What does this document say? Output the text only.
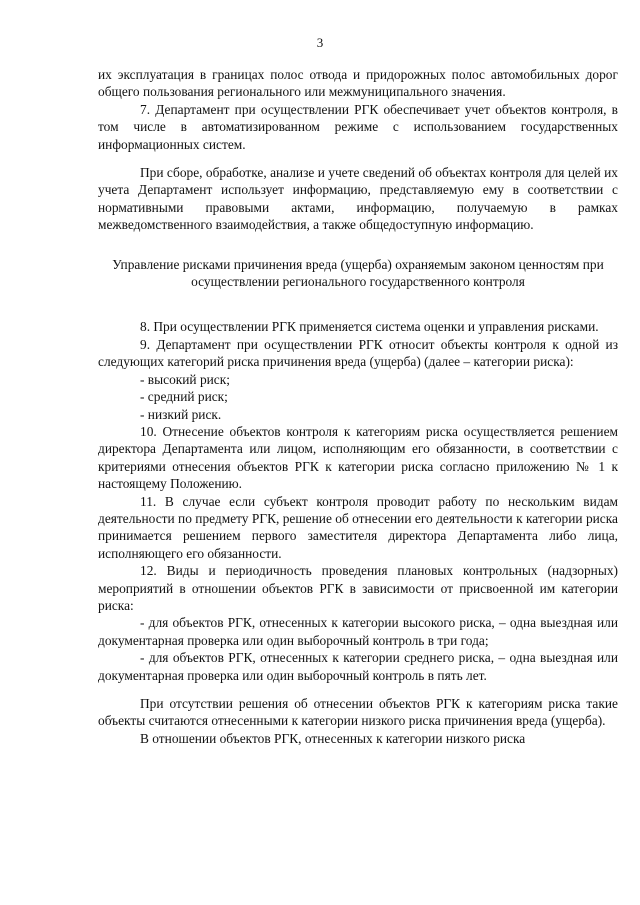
3

их эксплуатация в границах полос отвода и придорожных полос автомобильных дорог общего пользования регионального или межмуниципального значения.

7. Департамент при осуществлении РГК обеспечивает учет объектов контроля, в том числе в автоматизированном режиме с использованием государственных информационных систем.

При сборе, обработке, анализе и учете сведений об объектах контроля для целей их учета Департамент использует информацию, представляемую ему в соответствии с нормативными правовыми актами, информацию, получаемую в рамках межведомственного взаимодействия, а также общедоступную информацию.

Управление рисками причинения вреда (ущерба) охраняемым законом ценностям при осуществлении регионального государственного контроля

8. При осуществлении РГК применяется система оценки и управления рисками.

9. Департамент при осуществлении РГК относит объекты контроля к одной из следующих категорий риска причинения вреда (ущерба) (далее – категории риска):

- высокий риск;

- средний риск;

- низкий риск.

10. Отнесение объектов контроля к категориям риска осуществляется решением директора Департамента или лицом, исполняющим его обязанности, в соответствии с критериями отнесения объектов РГК к категории риска согласно приложению № 1 к настоящему Положению.

11. В случае если субъект контроля проводит работу по нескольким видам деятельности по предмету РГК, решение об отнесении его деятельности к категории риска принимается решением первого заместителя директора Департамента либо лица, исполняющего его обязанности.

12. Виды и периодичность проведения плановых контрольных (надзорных) мероприятий в отношении объектов РГК в зависимости от присвоенной им категории риска:

- для объектов РГК, отнесенных к категории высокого риска, – одна выездная или документарная проверка или один выборочный контроль в три года;

- для объектов РГК, отнесенных к категории среднего риска, – одна выездная или документарная проверка или один выборочный контроль в пять лет.

При отсутствии решения об отнесении объектов РГК к категориям риска такие объекты считаются отнесенными к категории низкого риска причинения вреда (ущерба).

В отношении объектов РГК, отнесенных к категории низкого риска
